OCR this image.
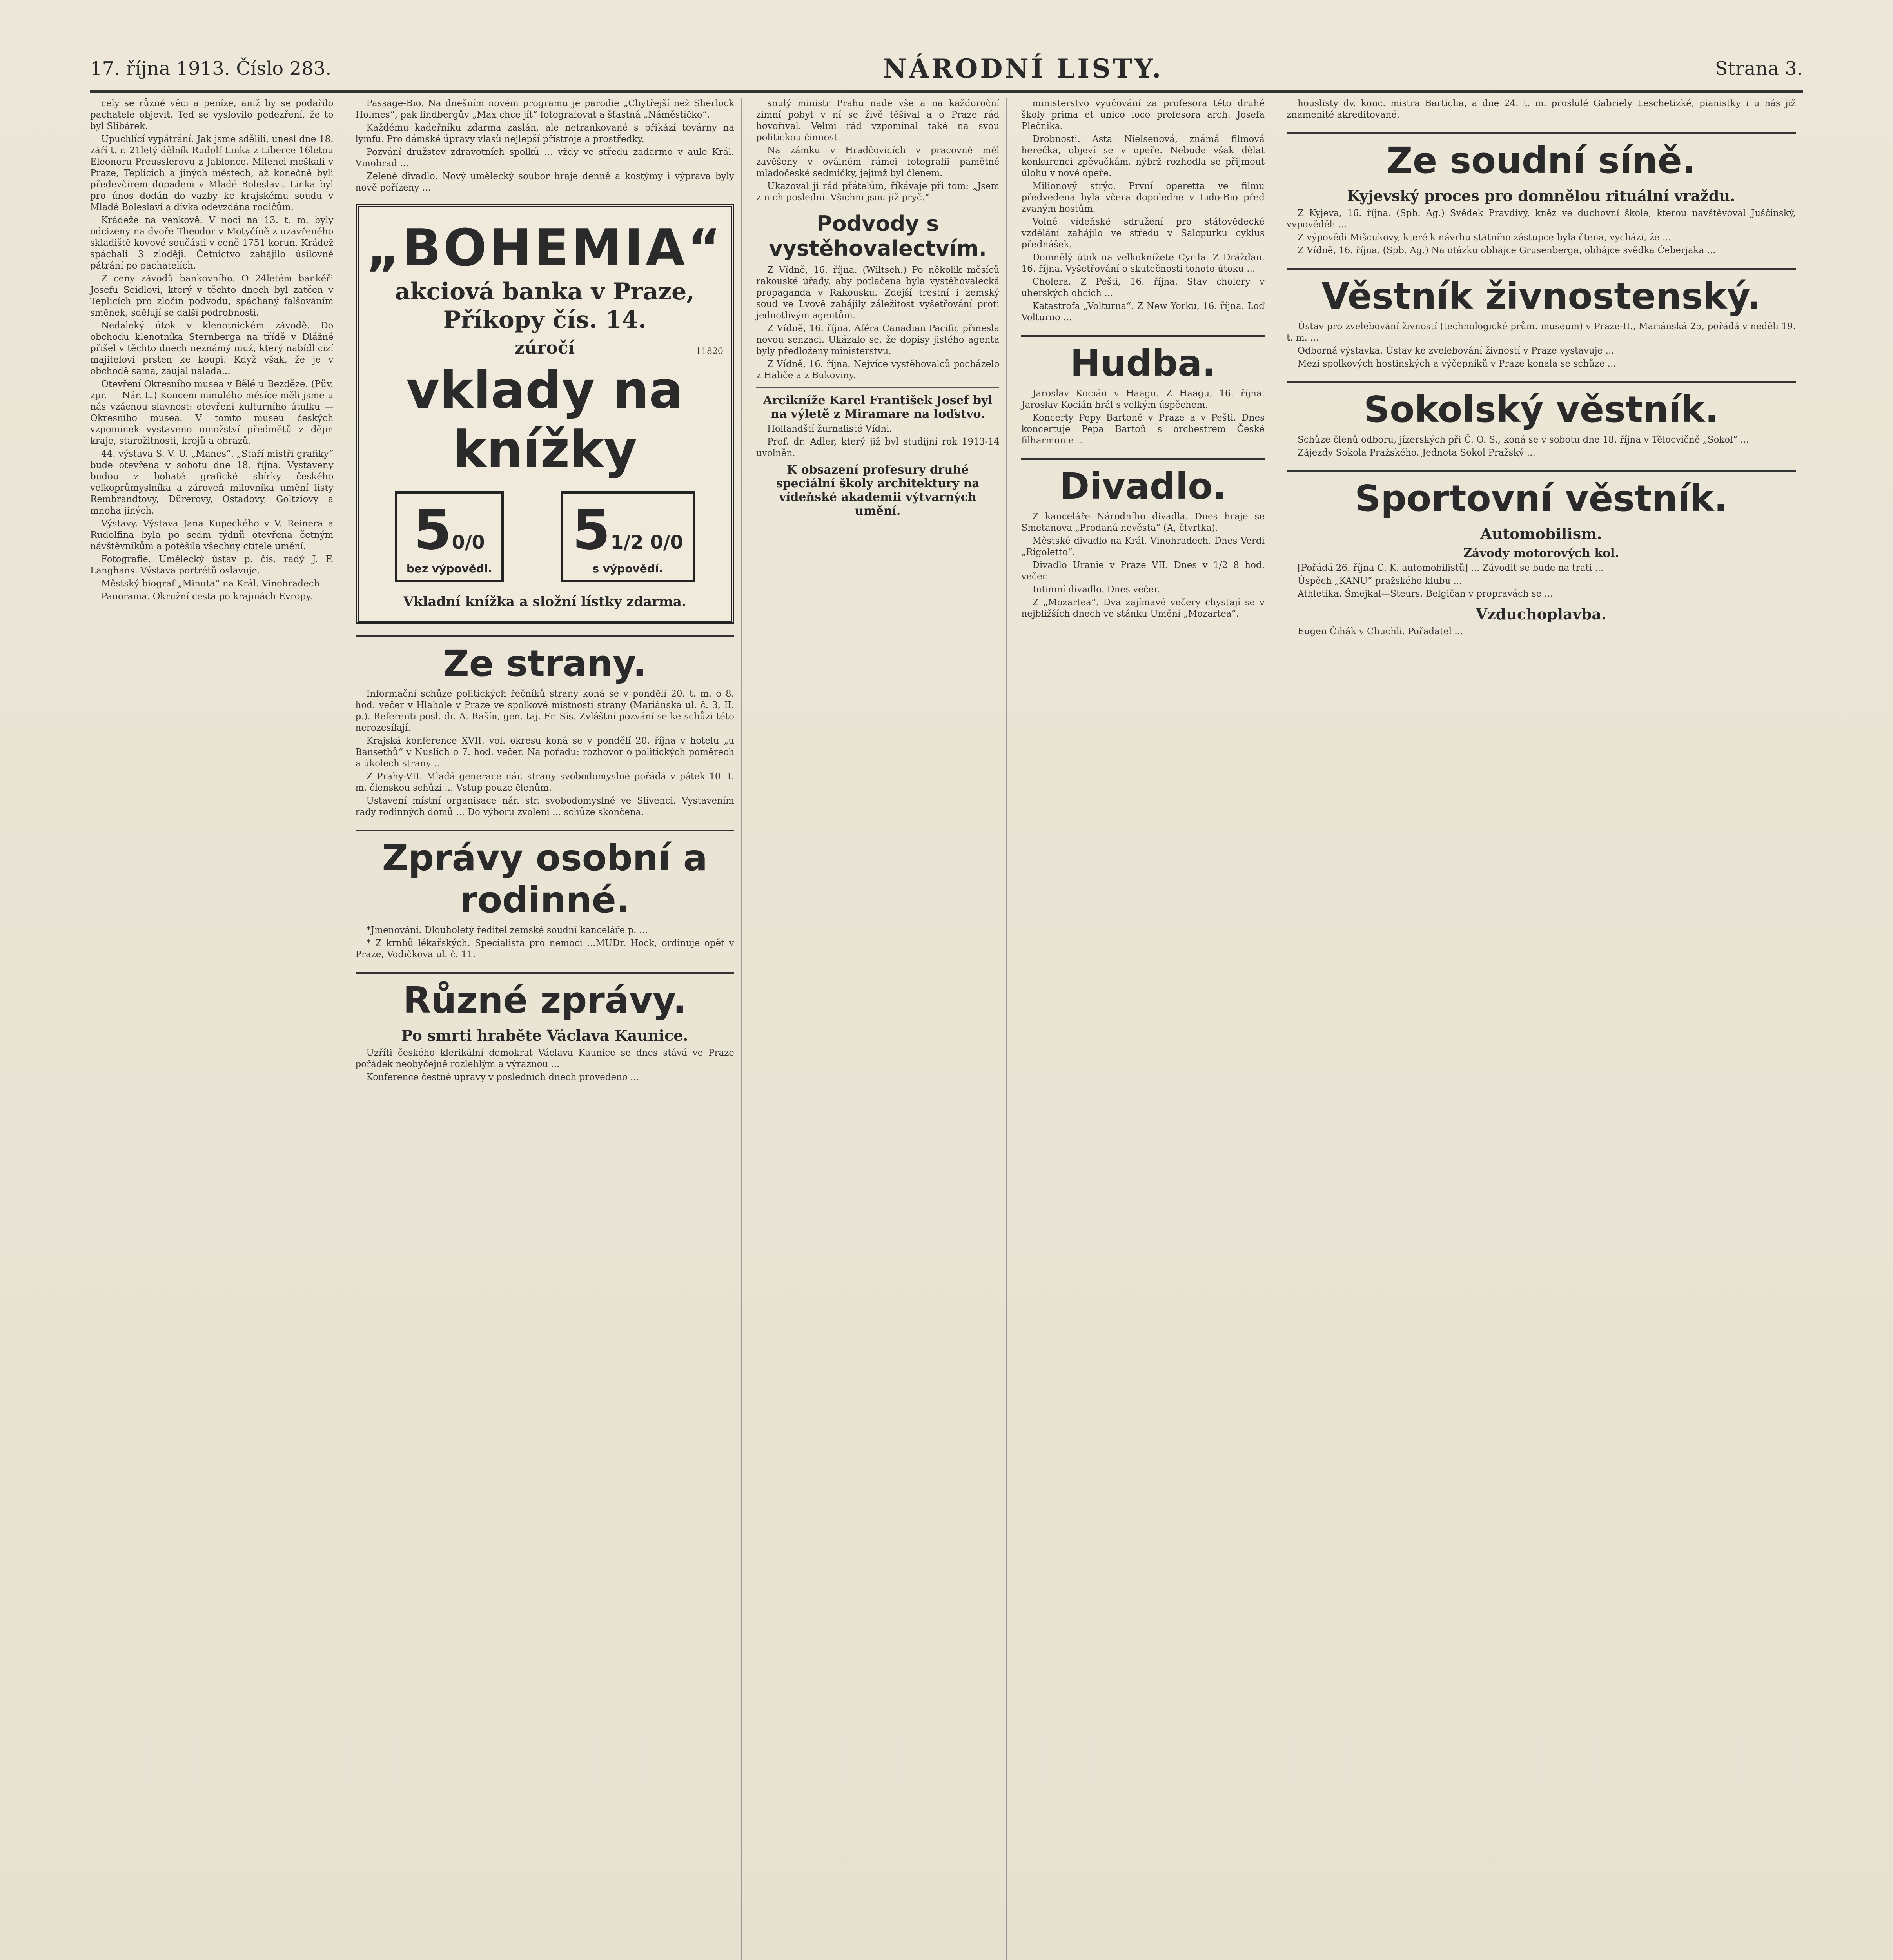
17. října 1913. Číslo 283.	NÁRODNÍ LISTY.	Strana 3.

cely se různé věci a peníze, aniž by se podařilo pachatele objevit. Teď se vyslovilo podezření, že to byl Slibárek.

Upuchlící vypátrání. Jak jsme sdělili, unesl dne 18. září t. r. 21letý dělník Rudolf Linka z Liberce 16letou Eleonoru Preusslerovu z Jablonce. Milenci meškali v Praze, Teplicích a jiných městech, až konečně byli předevčírem dopadeni v Mladé Boleslavi. Linka byl pro únos dodán do vazby ke krajskému soudu v Mladé Boleslavi a dívka odevzdána rodičům.

Krádeže na venkově. V noci na 13. t. m. byly odcizeny na dvoře Theodor v Motyčíně z uzavřeného skladiště kovové součásti v ceně 1751 korun. Krádež spáchali 3 zloději. Četnictvo zahájilo úsilovné pátrání po pachatelích.

Z ceny závodů bankovního. O 24letém bankéři Josefu Seidlovi, který v těchto dnech byl zatčen v Teplicích pro zločin podvodu, spáchaný falšováním směnek, sdělují se další podrobnosti.

Nedaleký útok v klenotnickém závodě. Do obchodu klenotníka Sternberga na třídě v Dlážné přišel v těchto dnech neznámý muž, který nabídl cizí majitelovi prsten ke koupi. Když však, že je v obchodě sama, zaujal nálada...

Otevření Okresního musea v Bělé u Bezděze. (Pův. zpr. — Nár. L.) Koncem minulého měsíce měli jsme u nás vzácnou slavnost: otevření kulturního útulku — Okresního musea. V tomto museu českých vzpomínek vystaveno množství předmětů z dějin kraje, starožitnosti, krojů a obrazů.

44. výstava S. V. U. „Manes“. „Staří mistři grafiky“ bude otevřena v sobotu dne 18. října. Vystaveny budou z bohaté grafické sbírky českého velkoprůmyslníka a zároveň milovníka umění listy Rembrandtovy, Dürerovy, Ostadovy, Goltziovy a mnoha jiných.

Výstavy. Výstava Jana Kupeckého v V. Reinera a Rudolfina byla po sedm týdnů otevřena četným návštěvníkům a potěšila všechny ctitele umění.

Fotografie. Umělecký ústav p. čís. radý J. F. Langhans. Výstava portrétů oslavuje.

Městský biograf „Minuta“ na Král. Vinohradech.

Panorama. Okružní cesta po krajinách Evropy.

Passage-Bio. Na dnešním novém programu je parodie „Chytřejší než Sherlock Holmes“, pak lindbergův „Max chce jít“ fotografovat a šťastná „Náměstíčko“.

Každému kadeřníku zdarma zaslán, ale netrankované s přikází továrny na lymfu. Pro dámské úpravy vlasů nejlepší přístroje a prostředky.

Pozvání družstev zdravotních spolků ... vždy ve středu zadarmo v aule Král. Vinohrad ...

Zelené divadlo. Nový umělecký soubor hraje denně a kostýmy i výprava byly nově pořízeny ...

„BOHEMIA“
akciová banka v Praze,
Příkopy čís. 14.
zúročí	11820
vklady na knížky
50/0
bez výpovědi.
51/2 0/0
s výpovědí.
Vkladní knížka a složní lístky zdarma.
Ze strany.

Informační schůze politických řečníků strany koná se v pondělí 20. t. m. o 8. hod. večer v Hlahole v Praze ve spolkové místnosti strany (Mariánská ul. č. 3, II. p.). Referenti posl. dr. A. Rašín, gen. taj. Fr. Sís. Zvláštní pozvání se ke schůzi této nerozesílají.

Krajská konference XVII. vol. okresu koná se v pondělí 20. října v hotelu „u Bansethů“ v Nuslích o 7. hod. večer. Na pořadu: rozhovor o politických poměrech a úkolech strany ...

Z Prahy-VII. Mladá generace nár. strany svobodomyslné pořádá v pátek 10. t. m. členskou schůzi ... Vstup pouze členům.

Ustavení místní organisace nár. str. svobodomyslné ve Slivenci. Vystavením rady rodinných domů ... Do výboru zvoleni ... schůze skončena.

Zprávy osobní a rodinné.

*Jmenování. Dlouholetý ředitel zemské soudní kanceláře p. ...

* Z krnhů lékařských. Specialista pro nemoci ...MUDr. Hock, ordinuje opět v Praze, Vodičkova ul. č. 11.

Různé zprávy.
Po smrti hraběte Václava Kaunice.

Uzříti českého klerikální demokrat Václava Kaunice se dnes stává ve Praze pořádek neobyčejně rozlehlým a výraznou ...

Konference čestné úpravy v posledních dnech provedeno ...

snulý ministr Prahu nade vše a na každoroční zimní pobyt v ní se živě těšíval a o Praze rád hovoříval. Velmi rád vzpomínal také na svou politickou činnost.

Na zámku v Hradčovicích v pracovně měl zavěšeny v oválném rámci fotografii pamětné mladočeské sedmičky, jejímž byl členem.

Ukazoval ji rád přátelům, říkávaje při tom: „Jsem z nich poslední. Všichni jsou již pryč.“

Podvody s vystěhovalectvím.

Z Vídně, 16. října. (Wiltsch.) Po několik měsíců rakouské úřady, aby potlačena byla vystěhovalecká propaganda v Rakousku. Zdejší trestní i zemský soud ve Lvově zahájily záležitost vyšetřování proti jednotlivým agentům.

Z Vídně, 16. října. Aféra Canadian Pacific přinesla novou senzaci. Ukázalo se, že dopisy jistého agenta byly předloženy ministerstvu.

Z Vídně, 16. října. Nejvíce vystěhovalců pocházelo z Haliče a z Bukoviny.

Arcikníže Karel František Josef byl na výletě z Miramare na loďstvo.

Hollandští žurnalisté Vídni.

Prof. dr. Adler, který již byl studijní rok 1913-14 uvolněn.

K obsazení profesury druhé speciální školy architektury na vídeňské akademii výtvarných umění.

ministerstvo vyučování za profesora této druhé školy prima et unico loco profesora arch. Josefa Plečnika.

Drobnosti. Asta Nielsenová, známá filmová herečka, objeví se v opeře. Nebude však dělat konkurenci zpěvačkám, nýbrž rozhodla se přijmout úlohu v nové opeře.

Milionový strýc. První operetta ve filmu předvedena byla včera dopoledne v Lido-Bio před zvaným hostům.

Volné vídeňské sdružení pro státovědecké vzdělání zahájilo ve středu v Salcpurku cyklus přednášek.

Domnělý útok na velkoknížete Cyrila. Z Drážďan, 16. října. Vyšetřování o skutečnosti tohoto útoku ...

Cholera. Z Pešti, 16. října. Stav cholery v uherských obcích ...

Katastrofa „Volturna“. Z New Yorku, 16. října. Loď Volturno ...

Hudba.

Jaroslav Kocián v Haagu. Z Haagu, 16. října. Jaroslav Kocián hrál s velkým úspěchem.

Koncerty Pepy Bartoně v Praze a v Pešti. Dnes koncertuje Pepa Bartoň s orchestrem České filharmonie ...

Divadlo.

Z kanceláře Národního divadla. Dnes hraje se Smetanova „Prodaná nevěsta“ (A, čtvrtka).

Městské divadlo na Král. Vinohradech. Dnes Verdi „Rigoletto“.

Divadlo Uranie v Praze VII. Dnes v 1/2 8 hod. večer.

Intimní divadlo. Dnes večer.

Z „Mozartea“. Dva zajímavé večery chystají se v nejbližších dnech ve stánku Umění „Mozartea“.

houslisty dv. konc. mistra Barticha, a dne 24. t. m. proslulé Gabriely Leschetizké, pianistky i u nás již znamenité akreditované.

Ze soudní síně.
Kyjevský proces pro domnělou rituální vraždu.

Z Kyjeva, 16. října. (Spb. Ag.) Svědek Pravdivý, kněz ve duchovní škole, kterou navštěvoval Juščinský, vypověděl: ...

Z výpovědi Mišcukovy, které k návrhu státního zástupce byla čtena, vychází, že ...

Z Vídně, 16. října. (Spb. Ag.) Na otázku obhájce Grusenberga, obhájce svědka Čeberjaka ...

Věstník živnostenský.

Ústav pro zvelebování živností (technologické prům. museum) v Praze-II., Mariánská 25, pořádá v neděli 19. t. m. ...

Odborná výstavka. Ústav ke zvelebování živností v Praze vystavuje ...

Mezi spolkových hostinských a výčepníků v Praze konala se schůze ...

Sokolský věstník.

Schůze členů odboru, jízerských při Č. O. S., koná se v sobotu dne 18. října v Tělocvičně „Sokol“ ...

Zájezdy Sokola Pražského. Jednota Sokol Pražský ...

Sportovní věstník.
Automobilism.
Závody motorových kol.

[Pořádá 26. října C. K. automobilistů] ... Závodit se bude na trati ...

Úspěch „KANU“ pražského klubu ...

Athletika. Šmejkal—Steurs. Belgičan v propravách se ...

Vzduchoplavba.

Eugen Čihák v Chuchli. Pořadatel ...
